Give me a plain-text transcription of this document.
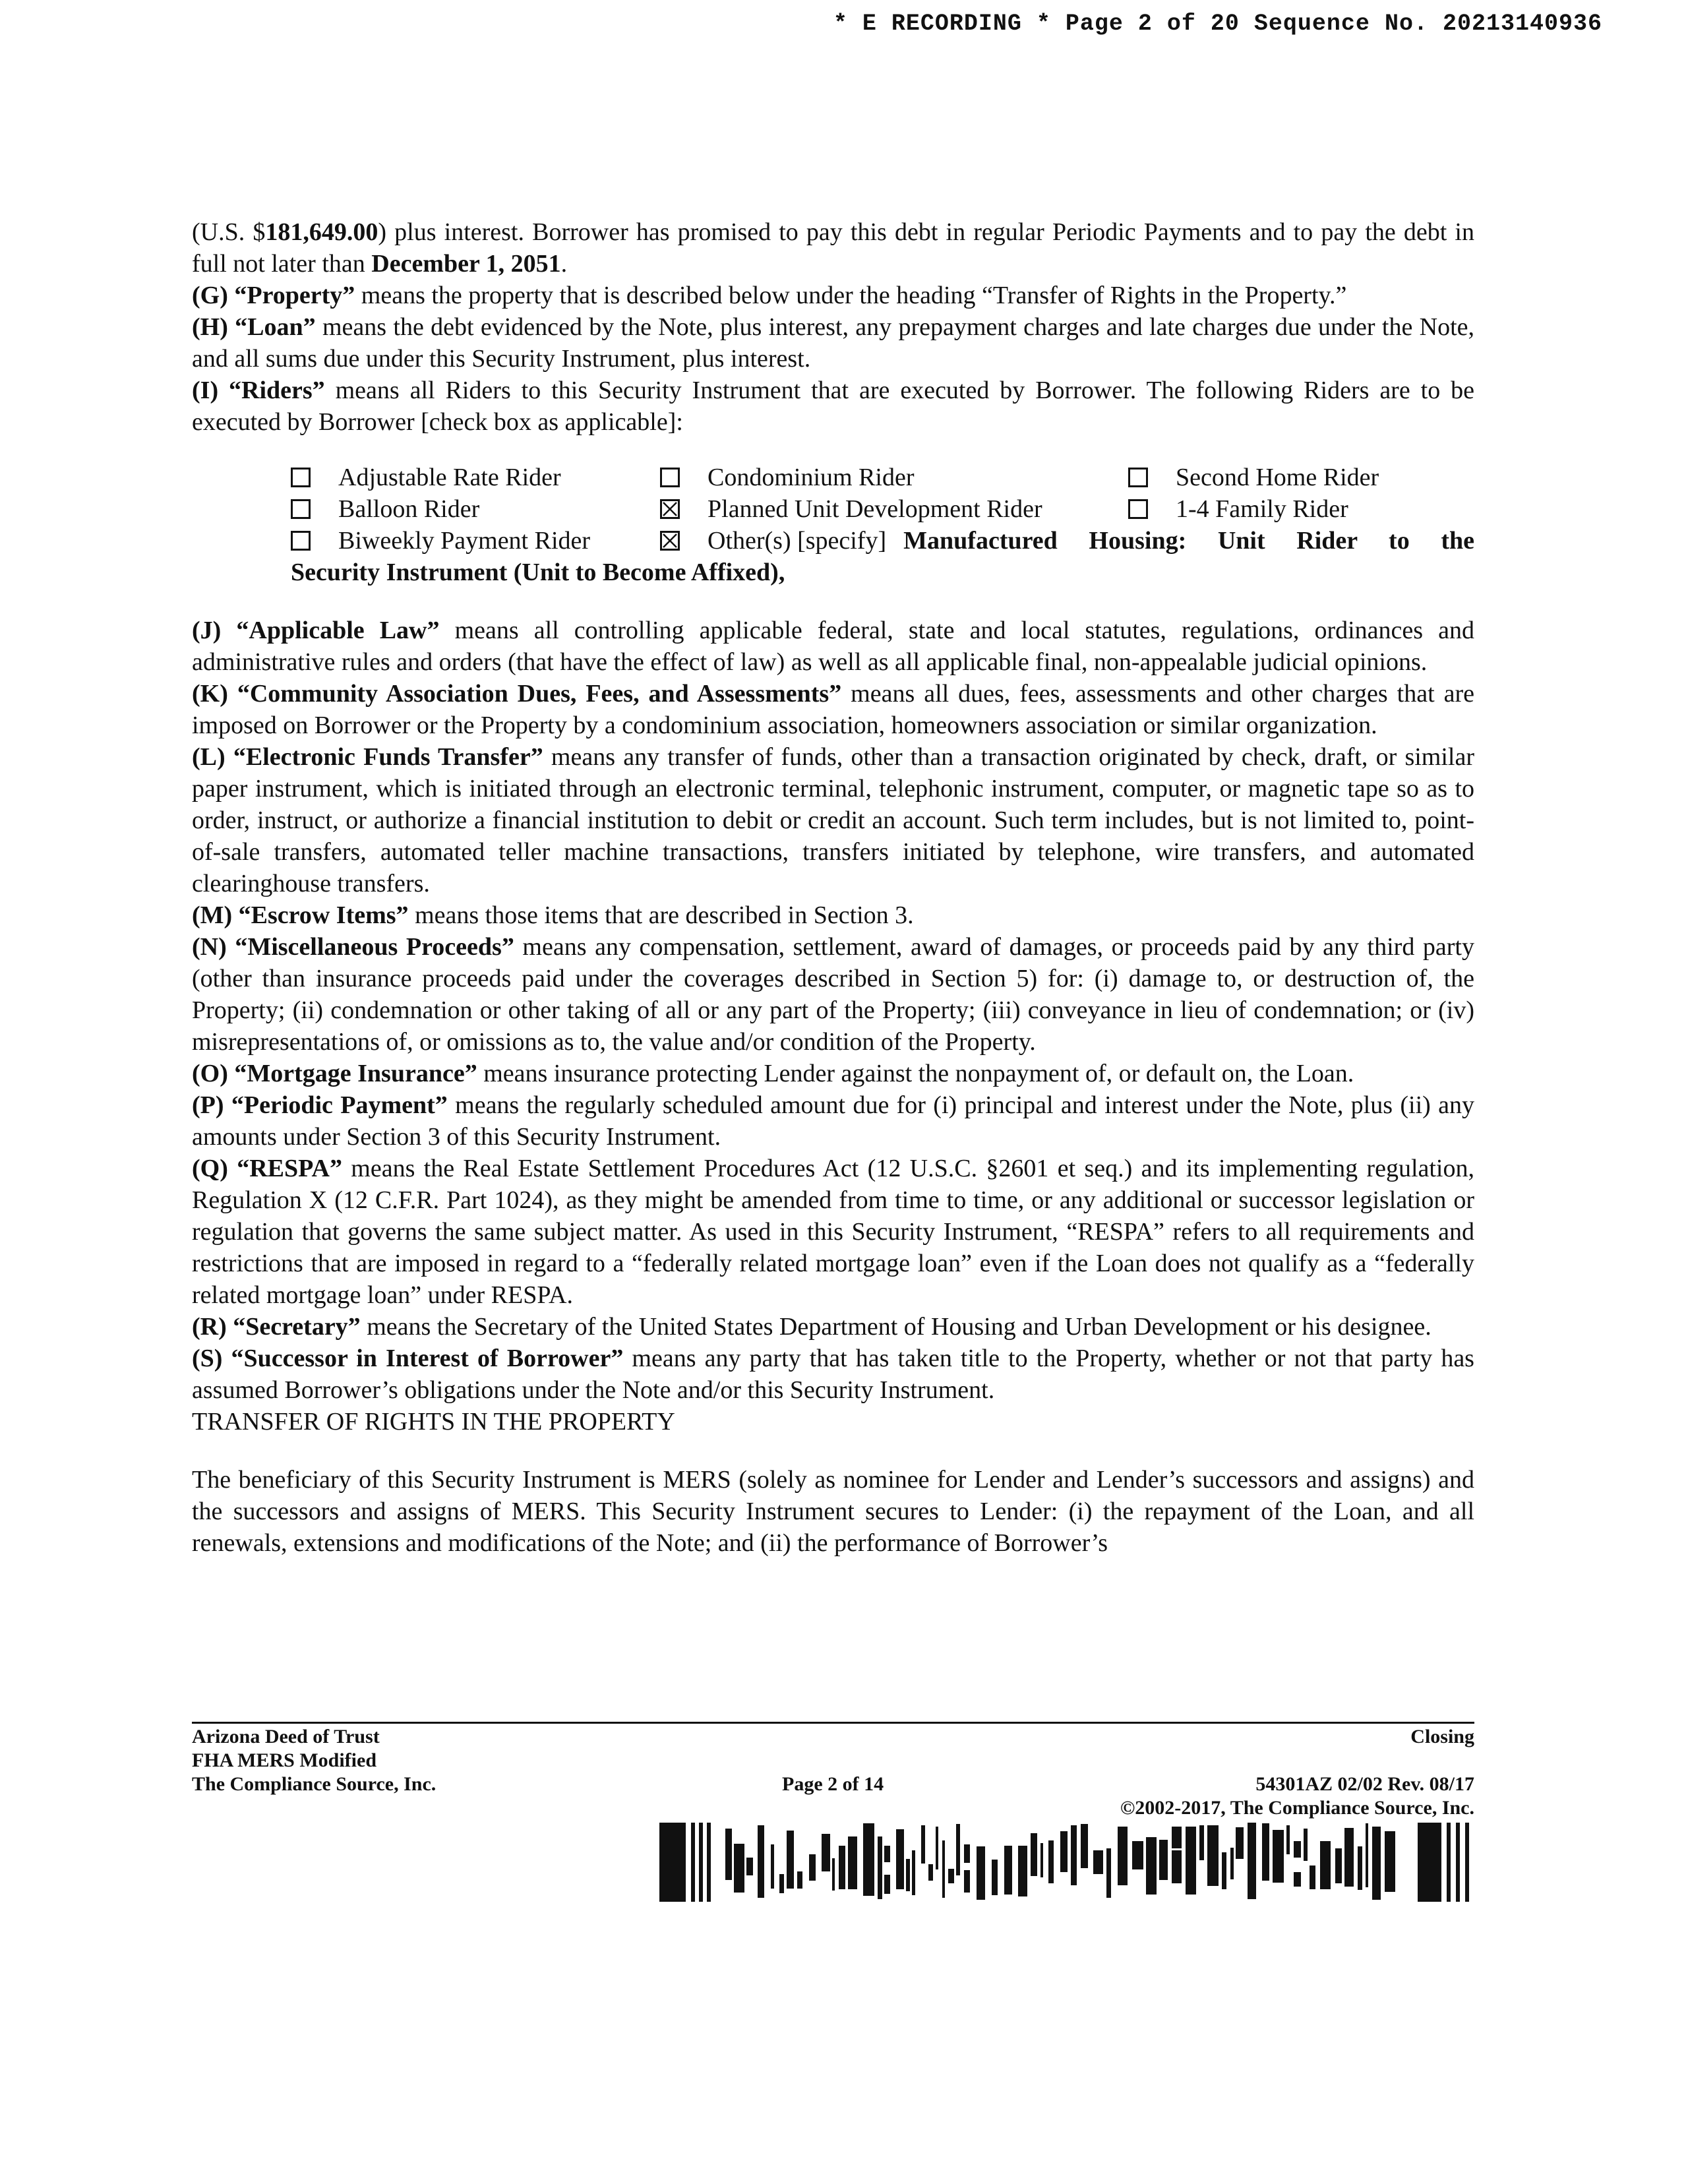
* E RECORDING * Page 2 of 20 Sequence No. 20213140936

(U.S. $181,649.00) plus interest. Borrower has promised to pay this debt in regular Periodic Payments and to pay the debt in full not later than December 1, 2051.

(G) “Property” means the property that is described below under the heading “Transfer of Rights in the Property.”

(H) “Loan” means the debt evidenced by the Note, plus interest, any prepayment charges and late charges due under the Note, and all sums due under this Security Instrument, plus interest.

(I) “Riders” means all Riders to this Security Instrument that are executed by Borrower. The following Riders are to be executed by Borrower [check box as applicable]:

Adjustable Rate Rider	Condominium Rider	Second Home Rider
Balloon Rider	Planned Unit Development Rider	1-4 Family Rider
Biweekly Payment Rider	Other(s) [specify] Manufactured Housing: Unit Rider to the
Security Instrument (Unit to Become Affixed),

(J) “Applicable Law” means all controlling applicable federal, state and local statutes, regulations, ordinances and administrative rules and orders (that have the effect of law) as well as all applicable final, non-appealable judicial opinions.

(K) “Community Association Dues, Fees, and Assessments” means all dues, fees, assessments and other charges that are imposed on Borrower or the Property by a condominium association, homeowners association or similar organization.

(L) “Electronic Funds Transfer” means any transfer of funds, other than a transaction originated by check, draft, or similar paper instrument, which is initiated through an electronic terminal, telephonic instrument, computer, or magnetic tape so as to order, instruct, or authorize a financial institution to debit or credit an account. Such term includes, but is not limited to, point-of-sale transfers, automated teller machine transactions, transfers initiated by telephone, wire transfers, and automated clearinghouse transfers.

(M) “Escrow Items” means those items that are described in Section 3.

(N) “Miscellaneous Proceeds” means any compensation, settlement, award of damages, or proceeds paid by any third party (other than insurance proceeds paid under the coverages described in Section 5) for: (i) damage to, or destruction of, the Property; (ii) condemnation or other taking of all or any part of the Property; (iii) conveyance in lieu of condemnation; or (iv) misrepresentations of, or omissions as to, the value and/or condition of the Property.

(O) “Mortgage Insurance” means insurance protecting Lender against the nonpayment of, or default on, the Loan.

(P) “Periodic Payment” means the regularly scheduled amount due for (i) principal and interest under the Note, plus (ii) any amounts under Section 3 of this Security Instrument.

(Q) “RESPA” means the Real Estate Settlement Procedures Act (12 U.S.C. §2601 et seq.) and its implementing regulation, Regulation X (12 C.F.R. Part 1024), as they might be amended from time to time, or any additional or successor legislation or regulation that governs the same subject matter. As used in this Security Instrument, “RESPA” refers to all requirements and restrictions that are imposed in regard to a “federally related mortgage loan” even if the Loan does not qualify as a “federally related mortgage loan” under RESPA.

(R) “Secretary” means the Secretary of the United States Department of Housing and Urban Development or his designee.

(S) “Successor in Interest of Borrower” means any party that has taken title to the Property, whether or not that party has assumed Borrower’s obligations under the Note and/or this Security Instrument.

TRANSFER OF RIGHTS IN THE PROPERTY

The beneficiary of this Security Instrument is MERS (solely as nominee for Lender and Lender’s successors and assigns) and the successors and assigns of MERS. This Security Instrument secures to Lender: (i) the repayment of the Loan, and all renewals, extensions and modifications of the Note; and (ii) the performance of Borrower’s

Arizona Deed of Trust
FHA MERS Modified
The Compliance Source, Inc.
Closing
Page 2 of 14	54301AZ 02/02 Rev. 08/17
©2002-2017, The Compliance Source, Inc.
